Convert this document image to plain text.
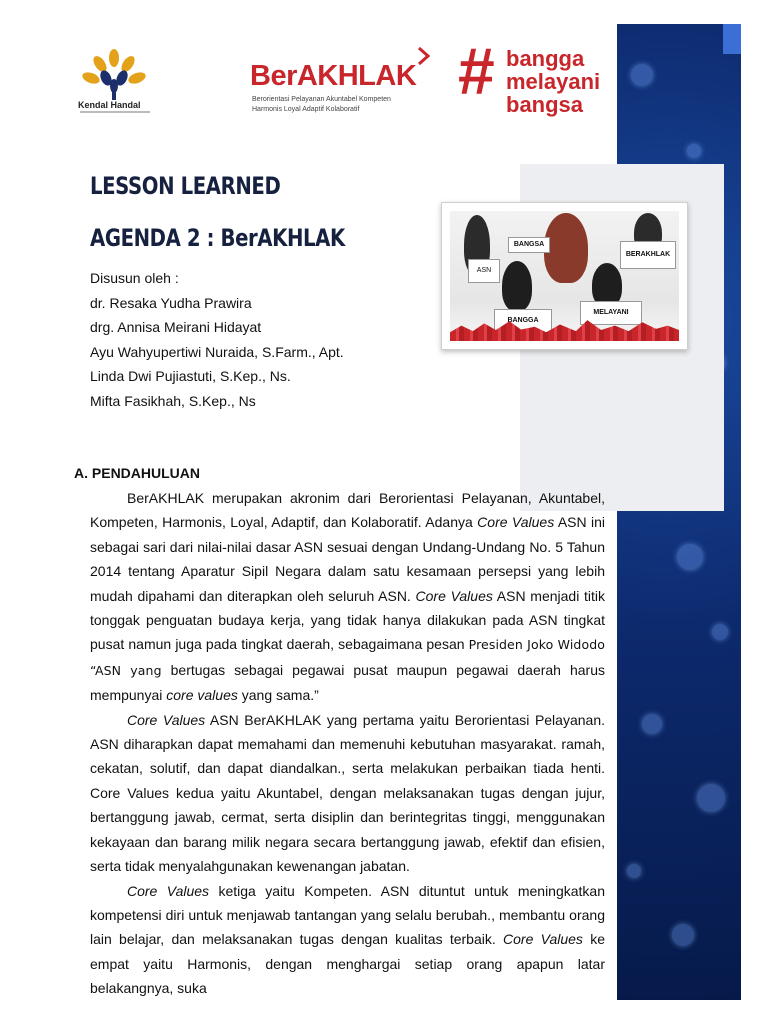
Kendal Handal
BerAKHLAK
Berorientasi Pelayanan Akuntabel Kompeten
Harmonis Loyal Adaptif Kolaboratif
# bangga
melayani
bangsa
LESSON LEARNED
AGENDA 2 : BerAKHLAK
Disusun oleh :
dr. Resaka Yudha Prawira
drg. Annisa Meirani Hidayat
Ayu Wahyupertiwi Nuraida, S.Farm., Apt.
Linda Dwi Pujiastuti, S.Kep., Ns.
Mifta Fasikhah, S.Kep., Ns
BANGSA
ASN
BERAKHLAK
BANGGA
MELAYANI
A. PENDAHULUAN

BerAKHLAK merupakan akronim dari Berorientasi Pelayanan, Akuntabel, Kompeten, Harmonis, Loyal, Adaptif, dan Kolaboratif. Adanya Core Values ASN ini sebagai sari dari nilai-nilai dasar ASN sesuai dengan Undang-Undang No. 5 Tahun 2014 tentang Aparatur Sipil Negara dalam satu kesamaan persepsi yang lebih mudah dipahami dan diterapkan oleh seluruh ASN. Core Values ASN menjadi titik tonggak penguatan budaya kerja, yang tidak hanya dilakukan pada ASN tingkat pusat namun juga pada tingkat daerah, sebagaimana pesan Presiden Joko Widodo “ASN yang bertugas sebagai pegawai pusat maupun pegawai daerah harus mempunyai core values yang sama.”

Core Values ASN BerAKHLAK yang pertama yaitu Berorientasi Pelayanan. ASN diharapkan dapat memahami dan memenuhi kebutuhan masyarakat. ramah, cekatan, solutif, dan dapat diandalkan., serta melakukan perbaikan tiada henti. Core Values kedua yaitu Akuntabel, dengan melaksanakan tugas dengan jujur, bertanggung jawab, cermat, serta disiplin dan berintegritas tinggi, menggunakan kekayaan dan barang milik negara secara bertanggung jawab, efektif dan efisien, serta tidak menyalahgunakan kewenangan jabatan.

Core Values ketiga yaitu Kompeten. ASN dituntut untuk meningkatkan kompetensi diri untuk menjawab tantangan yang selalu berubah., membantu orang lain belajar, dan melaksanakan tugas dengan kualitas terbaik. Core Values ke empat yaitu Harmonis, dengan menghargai setiap orang apapun latar belakangnya, suka
